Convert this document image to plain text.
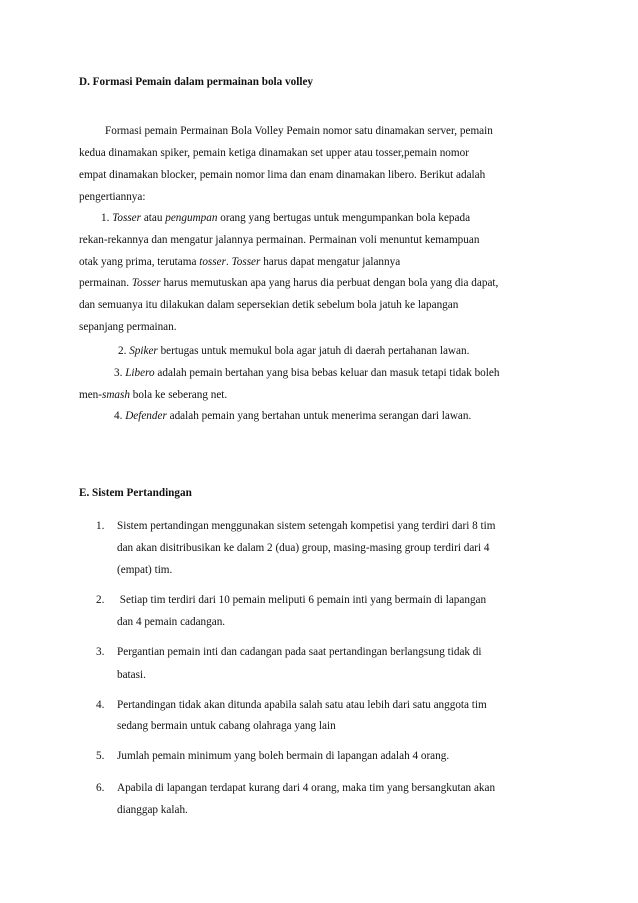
D. Formasi Pemain dalam permainan bola volley
Formasi pemain Permainan Bola Volley Pemain nomor satu dinamakan server, pemain
kedua dinamakan spiker, pemain ketiga dinamakan set upper atau tosser,pemain nomor
empat dinamakan blocker, pemain nomor lima dan enam dinamakan libero. Berikut adalah
pengertiannya:
1. Tosser atau pengumpan orang yang bertugas untuk mengumpankan bola kepada
rekan-rekannya dan mengatur jalannya permainan. Permainan voli menuntut kemampuan
otak yang prima, terutama tosser. Tosser harus dapat mengatur jalannya
permainan. Tosser harus memutuskan apa yang harus dia perbuat dengan bola yang dia dapat,
dan semuanya itu dilakukan dalam sepersekian detik sebelum bola jatuh ke lapangan
sepanjang permainan.
2. Spiker bertugas untuk memukul bola agar jatuh di daerah pertahanan lawan.
3. Libero adalah pemain bertahan yang bisa bebas keluar dan masuk tetapi tidak boleh
men-smash bola ke seberang net.
4. Defender adalah pemain yang bertahan untuk menerima serangan dari lawan.
E. Sistem Pertandingan
1. Sistem pertandingan menggunakan sistem setengah kompetisi yang terdiri dari 8 tim
dan akan disitribusikan ke dalam 2 (dua) group, masing-masing group terdiri dari 4
(empat) tim.
2. Setiap tim terdiri dari 10 pemain meliputi 6 pemain inti yang bermain di lapangan
dan 4 pemain cadangan.
3. Pergantian pemain inti dan cadangan pada saat pertandingan berlangsung tidak di
batasi.
4. Pertandingan tidak akan ditunda apabila salah satu atau lebih dari satu anggota tim
sedang bermain untuk cabang olahraga yang lain
5. Jumlah pemain minimum yang boleh bermain di lapangan adalah 4 orang.
6. Apabila di lapangan terdapat kurang dari 4 orang, maka tim yang bersangkutan akan
dianggap kalah.
